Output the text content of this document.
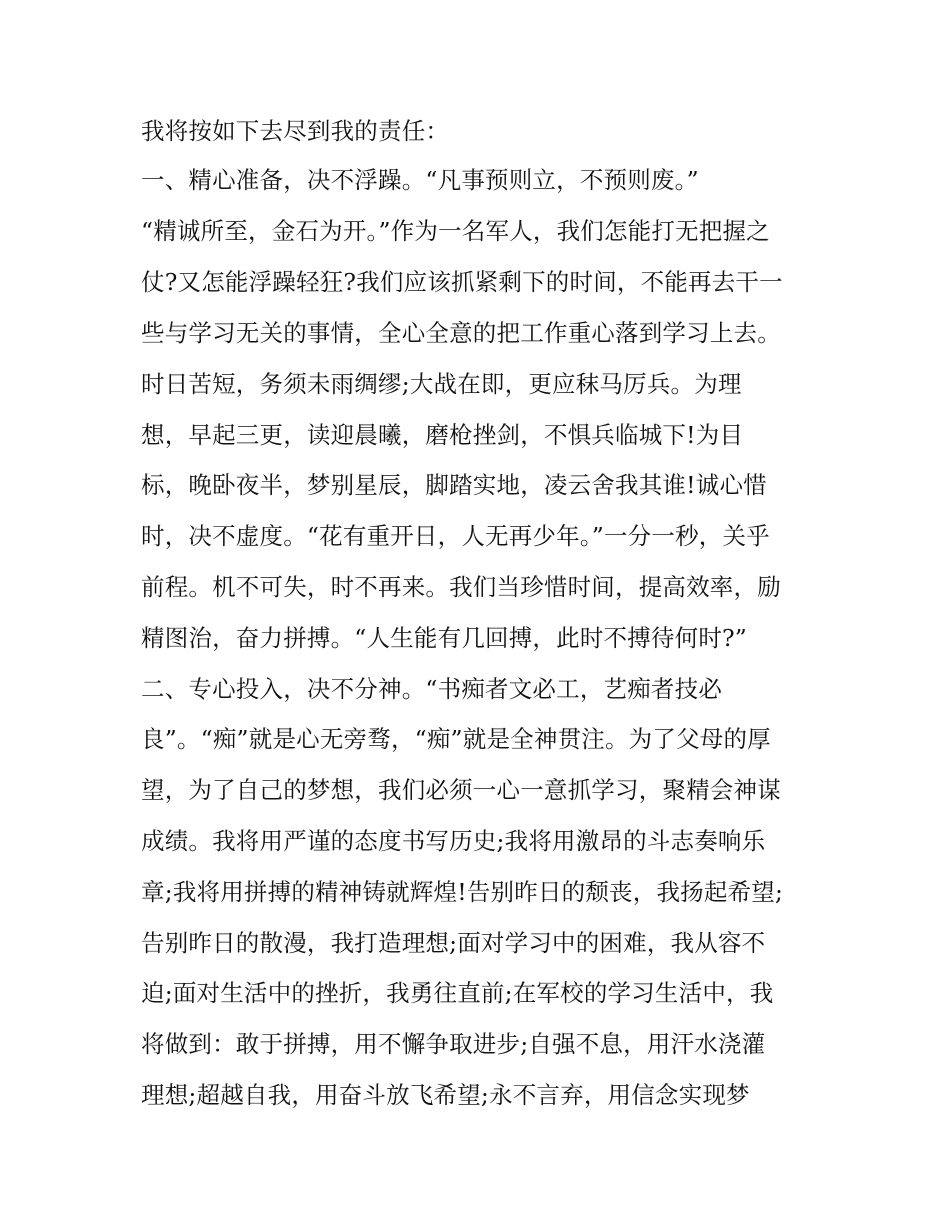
我将按如下去尽到我的责任：

一、精心准备，决不浮躁。“凡事预则立，不预则废。”

“精诚所至，金石为开。”作为一名军人，我们怎能打无把握之

仗?又怎能浮躁轻狂?我们应该抓紧剩下的时间，不能再去干一

些与学习无关的事情，全心全意的把工作重心落到学习上去。

时日苦短，务须未雨绸缪;大战在即，更应秣马厉兵。为理

想，早起三更，读迎晨曦，磨枪挫剑，不惧兵临城下!为目

标，晚卧夜半，梦别星辰，脚踏实地，凌云舍我其谁!诚心惜

时，决不虚度。“花有重开日，人无再少年。”一分一秒，关乎

前程。机不可失，时不再来。我们当珍惜时间，提高效率，励

精图治，奋力拼搏。“人生能有几回搏，此时不搏待何时?”

二、专心投入，决不分神。“书痴者文必工，艺痴者技必

良”。“痴”就是心无旁骛，“痴”就是全神贯注。为了父母的厚

望，为了自己的梦想，我们必须一心一意抓学习，聚精会神谋

成绩。我将用严谨的态度书写历史;我将用激昂的斗志奏响乐

章;我将用拼搏的精神铸就辉煌!告别昨日的颓丧，我扬起希望;

告别昨日的散漫，我打造理想;面对学习中的困难，我从容不

迫;面对生活中的挫折，我勇往直前;在军校的学习生活中，我

将做到：敢于拼搏，用不懈争取进步;自强不息，用汗水浇灌

理想;超越自我，用奋斗放飞希望;永不言弃，用信念实现梦
